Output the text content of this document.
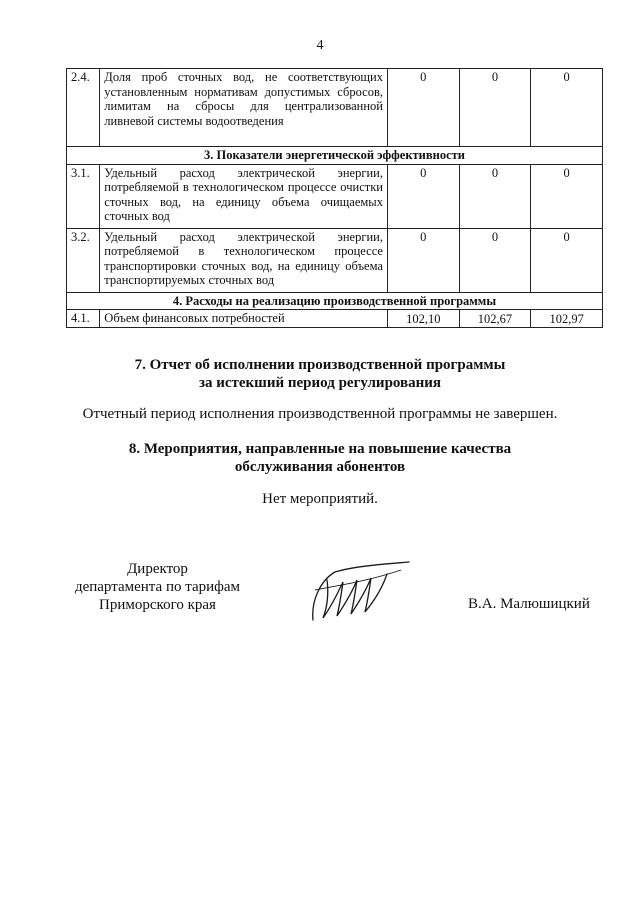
4
2.4.	Доля проб сточных вод, не соответствующих установленным нормативам допустимых сбросов, лимитам на сбросы для централизованной ливневой системы водоотведения	0	0	0
3. Показатели энергетической эффективности				
3.1.	Удельный расход электрической энергии, потребляемой в технологическом процессе очистки сточных вод, на единицу объема очищаемых сточных вод	0	0	0
3.2.	Удельный расход электрической энергии, потребляемой в технологическом процессе транспортировки сточных вод, на единицу объема транспортируемых сточных вод	0	0	0
4. Расходы на реализацию производственной программы				
4.1.	Объем финансовых потребностей	102,10	102,67	102,97
7. Отчет об исполнении производственной программы
за истекший период регулирования
Отчетный период исполнения производственной программы не завершен.
8. Мероприятия, направленные на повышение качества
обслуживания абонентов
Нет мероприятий.
Директор
департамента по тарифам
Приморского края	В.А. Малюшицкий
